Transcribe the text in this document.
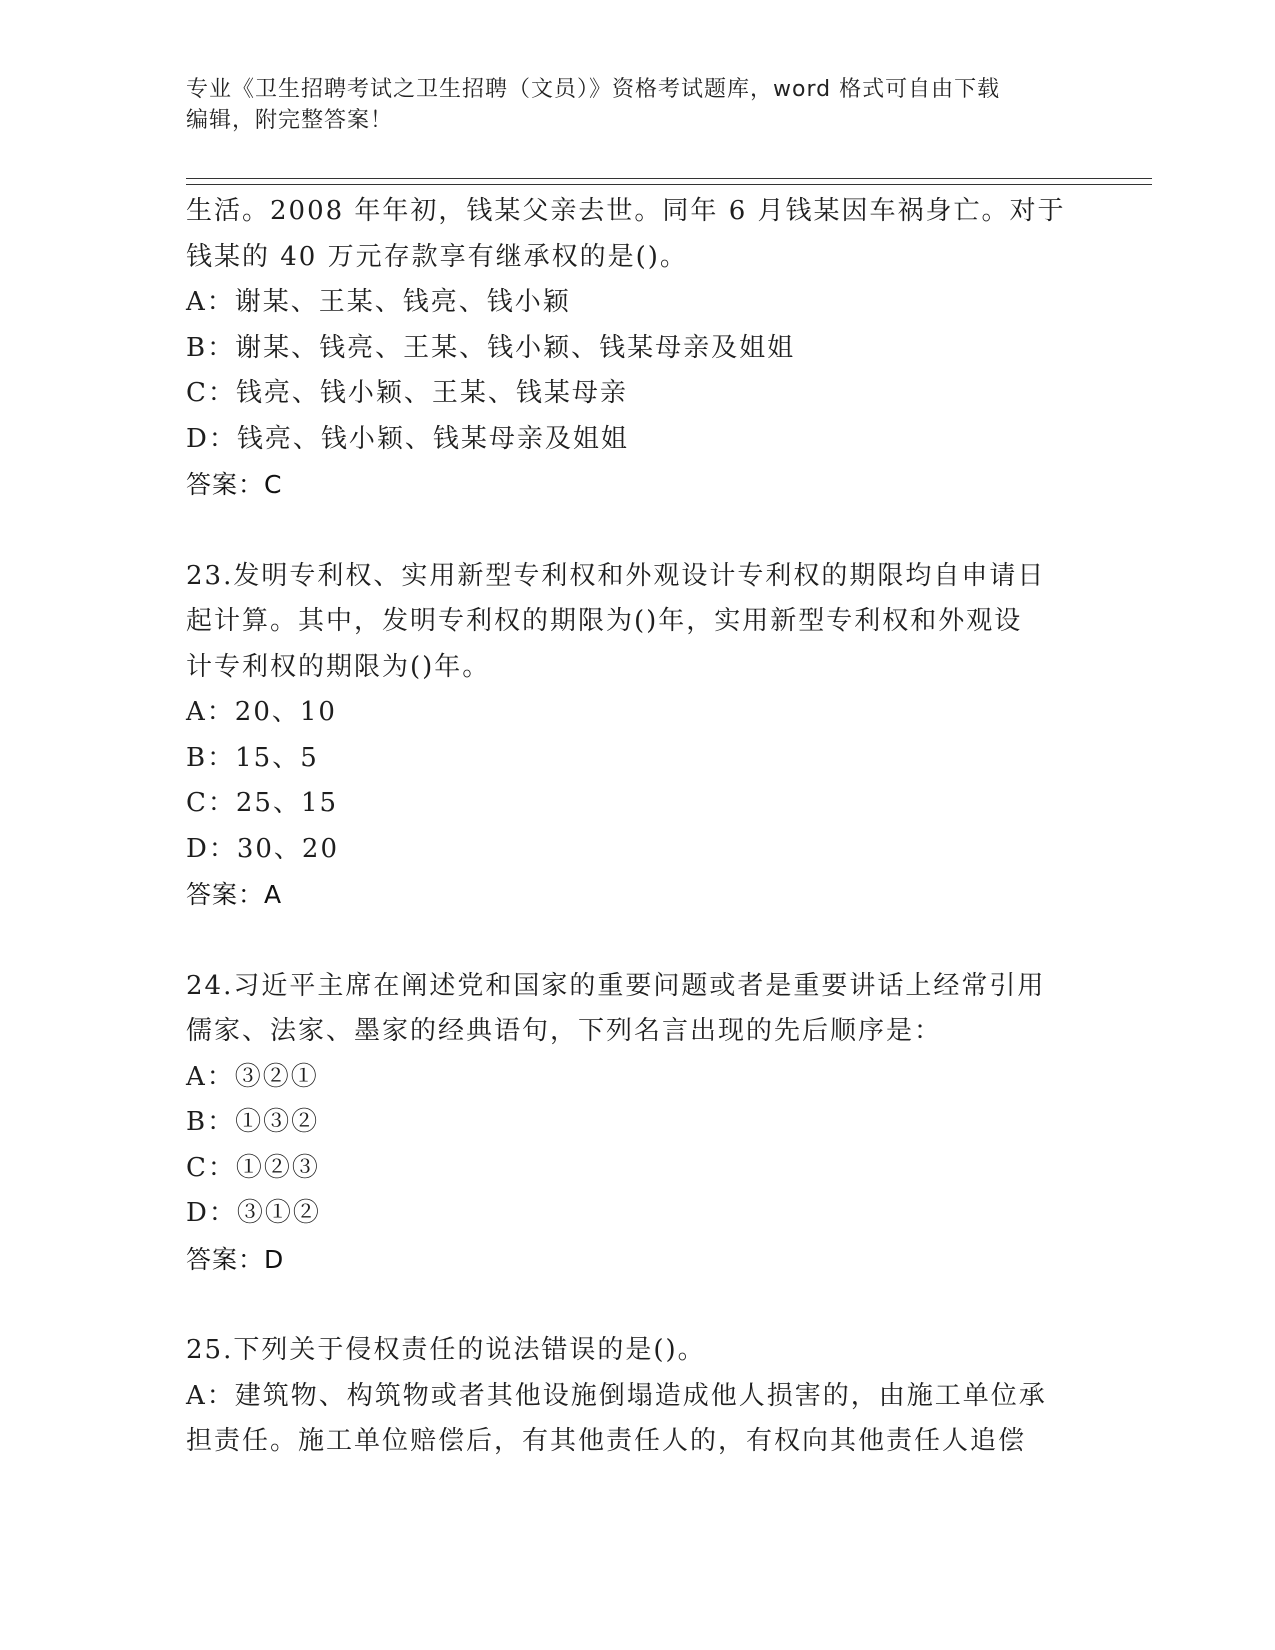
专业《卫生招聘考试之卫生招聘（文员）》资格考试题库，word 格式可自由下载
编辑，附完整答案！
生活。2008 年年初，钱某父亲去世。同年 6 月钱某因车祸身亡。对于
钱某的 40 万元存款享有继承权的是()。
A：谢某、王某、钱亮、钱小颖
B：谢某、钱亮、王某、钱小颖、钱某母亲及姐姐
C：钱亮、钱小颖、王某、钱某母亲
D：钱亮、钱小颖、钱某母亲及姐姐
答案：C
23.发明专利权、实用新型专利权和外观设计专利权的期限均自申请日
起计算。其中，发明专利权的期限为()年，实用新型专利权和外观设
计专利权的期限为()年。
A：20、10
B：15、5
C：25、15
D：30、20
答案：A
24.习近平主席在阐述党和国家的重要问题或者是重要讲话上经常引用
儒家、法家、墨家的经典语句，下列名言出现的先后顺序是：
A：③②①
B：①③②
C：①②③
D：③①②
答案：D
25.下列关于侵权责任的说法错误的是()。
A：建筑物、构筑物或者其他设施倒塌造成他人损害的，由施工单位承
担责任。施工单位赔偿后，有其他责任人的，有权向其他责任人追偿
